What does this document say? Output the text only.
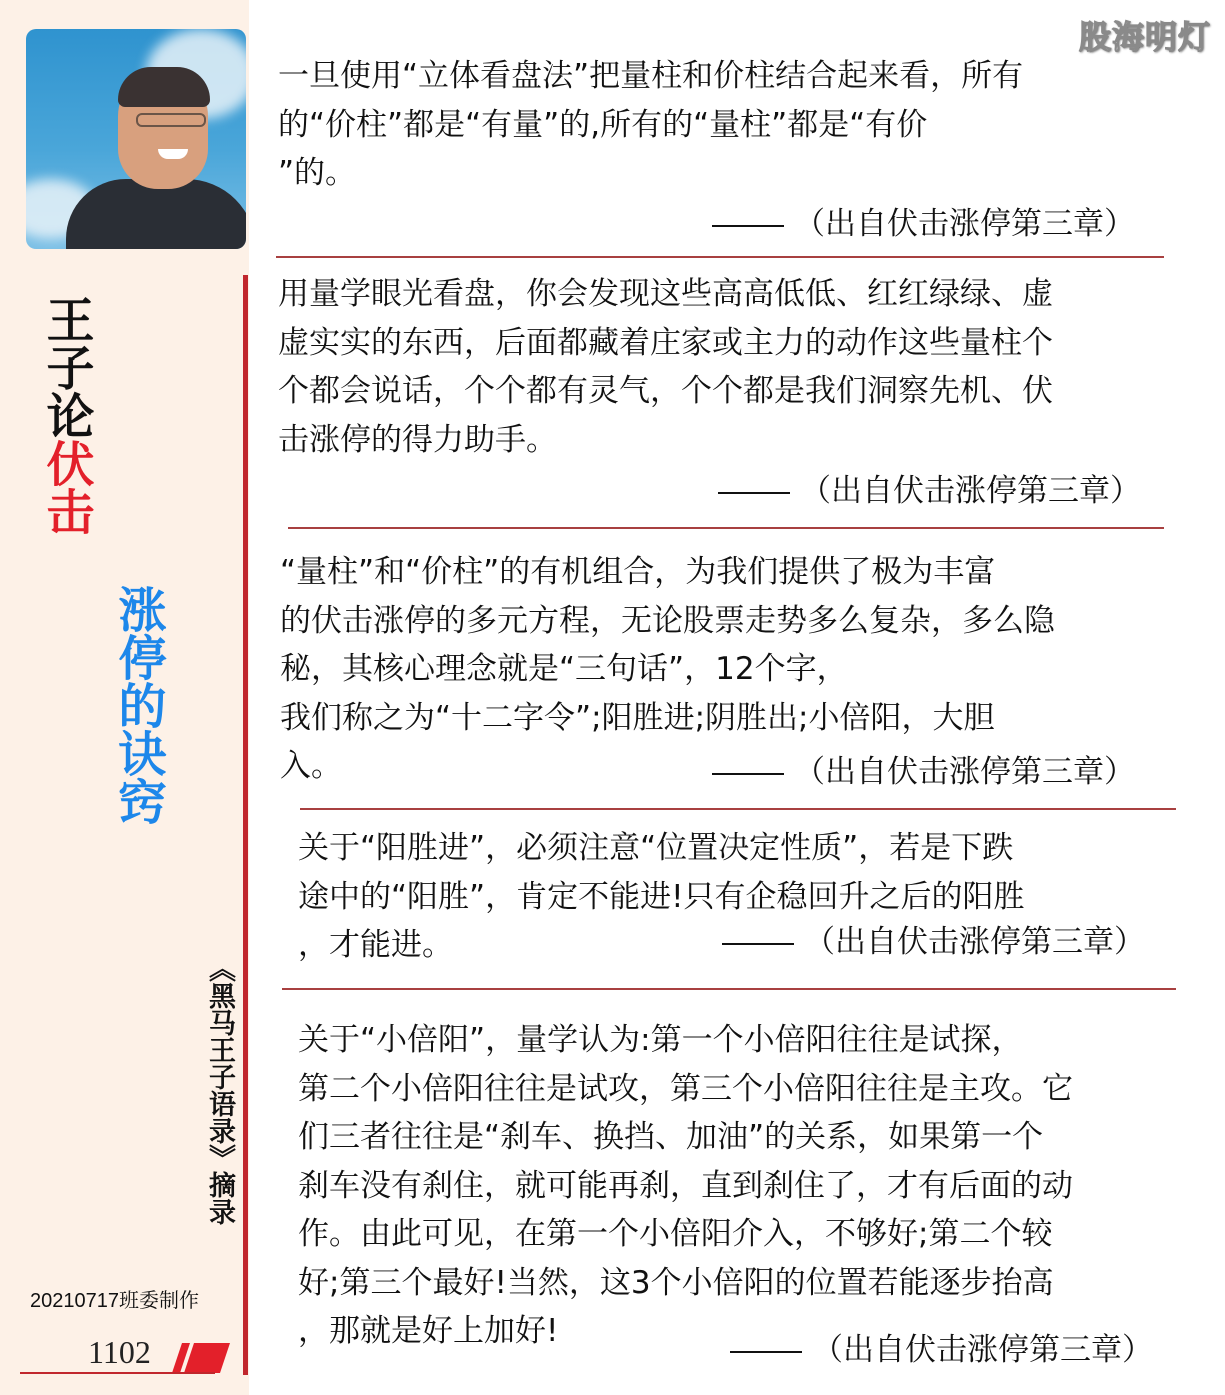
王子论伏击
涨停的诀窍
《黑马王子语录》摘录
20210717班委制作
1102
股海明灯

一旦使用“立体看盘法”把量柱和价柱结合起来看，所有

的“价柱”都是“有量”的,所有的“量柱”都是“有价

”的。

（出自伏击涨停第三章）

用量学眼光看盘，你会发现这些高高低低、红红绿绿、虚

虚实实的东西，后面都藏着庄家或主力的动作这些量柱个

个都会说话，个个都有灵气，个个都是我们洞察先机、伏

击涨停的得力助手。

（出自伏击涨停第三章）

“量柱”和“价柱”的有机组合，为我们提供了极为丰富

的伏击涨停的多元方程，无论股票走势多么复杂，多么隐

秘，其核心理念就是“三句话”，12个字，

我们称之为“十二字令”;阳胜进;阴胜出;小倍阳，大胆

入。	（出自伏击涨停第三章）

关于“阳胜进”，必须注意“位置决定性质”，若是下跌

途中的“阳胜”，肯定不能进!只有企稳回升之后的阳胜

，才能进。	（出自伏击涨停第三章）

关于“小倍阳”，量学认为:第一个小倍阳往往是试探，

第二个小倍阳往往是试攻，第三个小倍阳往往是主攻。它

们三者往往是“刹车、换挡、加油”的关系，如果第一个

刹车没有刹住，就可能再刹，直到刹住了，才有后面的动

作。由此可见，在第一个小倍阳介入，不够好;第二个较

好;第三个最好!当然，这3个小倍阳的位置若能逐步抬高

，那就是好上加好!

（出自伏击涨停第三章）
